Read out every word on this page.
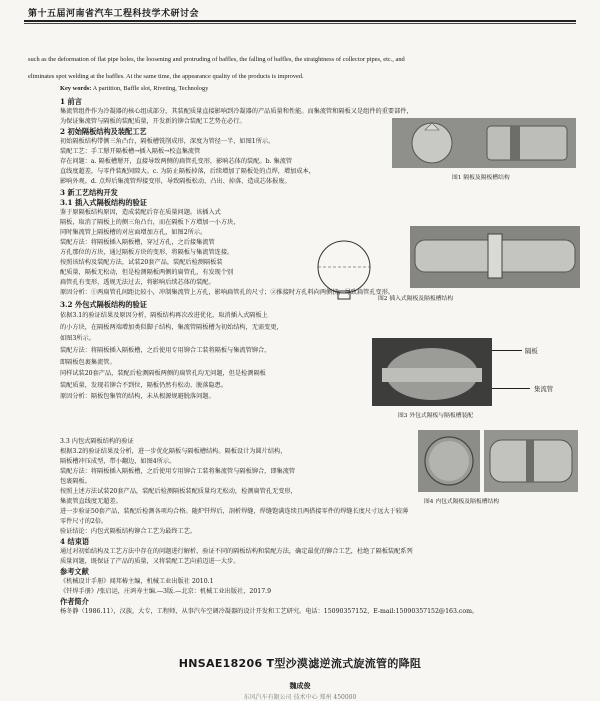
第十五届河南省汽车工程科技学术研讨会
such as the deformation of flat pipe holes, the loosening and protruding of baffles, the falling of baffles, the straightness of collector pipes, etc., and
eliminates spot welding at the baffles. At the same time, the appearance quality of the products is improved.
Key words: A partition, Baffle slot, Riveting, Technology
1 前言
集流管组件作为冷凝器的核心组成部分，其装配质量直接影响到冷凝器的产品质量和性能。而集流管和隔板又是组件的重要部件，
为保证集流管与隔板的装配质量，开发新的铆合装配工艺势在必行。
2 初始隔板结构及装配工艺
初始隔板结构带侧三角凸台，隔板槽铣削成形，深度为管径一半，如图1所示。
装配工艺：手工掰开隔板槽→插入隔板→校直集流管
存在问题：a. 隔板槽掰开，直接导致两侧的扁管孔变形，影响芯体的装配。b. 集流管
直线度超差，与零件装配间隙大。c. 为防止隔板掉落，后续增加了隔板处的点焊，增加成本，
影响外观。d. 点焊后集流管焊接变形，导致隔板松动、凸出、掉落，造成芯体报废。
3 新工艺结构开发
3.1 插入式隔板结构的验证
鉴于原隔板结构原因，造成装配后存在质量问题。该插入式
隔板，取消了隔板上的侧三角凸台，而在隔板下方增加一小方块，
同时集流管上隔板槽的对应面增加方孔，如图2所示。
装配方法：将隔板插入隔板槽，穿过方孔，之后接集流管
方孔那位的方块，通过隔板方块的变形，将隔板与集流管连接。
按照该结构及装配方法，试装20套产品，装配后检测隔板装
配质量，隔板无松动，但是检测隔板两侧的扁管孔，有发现个别
扁管孔有变形，透规无法过去，将影响后续芯体的装配。
原因分析：①两扁管孔间距比较小，冲制集流管上方孔，影响扁管孔的尺寸；②推接时方孔料向两侧挤，导致扁管孔变形。
3.2 外包式隔板结构的验证
依据3.1的验证结果及原因分析，隔板结构再次改进优化，取消插入式隔板上
的小方块，在隔板两端增加类似脚子结构，集流管隔板槽为初始结构，无需变更，
如图3所示。
装配方法：将隔板插入隔板槽，之后使用专用铆合工装将隔板与集流管铆合，
即隔板包裹集流管。
同样试装20套产品，装配后检测隔板两侧的扁管孔均无问题，但是检测隔板
装配质量，发现若铆合不到位，隔板仍然有松动、脱落隐患。
原因分析：隔板包集管的结构，未从根源规避脱落问题。
3.3 内包式隔板结构的验证
根据3.2的验证结果及分析，进一步优化隔板与隔板槽结构。隔板设计为圆片结构，
隔板槽冲压成型，带小翻边，如图4所示。
装配方法：将隔板插入隔板槽，之后使用专用铆合工装将集流管与隔板铆合，即集流管
包裹隔板。
按照上述方法试装20套产品，装配后检测隔板装配质量均无松动，检测扁管孔无变形，
集流管直线度无超差。
进一步验证50套产品，装配后检测各项均合格。随炉钎焊后，剖析焊缝，焊缝饱满连续且两搭接零件的焊缝长度尺寸远大于较薄
零件尺寸的2倍。
验证结论：内包式隔板结构铆合工艺为最终工艺。
4 结束语
通过对初始结构及工艺方法中存在的问题进行解析，验证不同的隔板结构和装配方法，确定最优的铆合工艺，杜绝了隔板装配系列
质量问题，既保证了产品的质量，又将装配工艺向前迈进一大步。
参考文献
《机械设计手册》闻邦椿主编，机械工业出版社 2010.1
《钎焊手册》/张启运，庄鸿寿主编.—3版.—北京：机械工业出版社，2017.9
作者简介
杨冬静（1986.11），汉族，大专，工程师，从事汽车空调冷凝器的设计开发和工艺研究。电话：15090357152，E-mail:15090357152@163.com。
图1 隔板及隔板槽结构
图2 插入式隔板及隔板槽结构
隔板
集流管
图3 外包式隔板与隔板槽装配
图4 内包式隔板及隔板槽结构
HNSAE18206 T型沙漠滤逆流式旋流管的降阻
魏成俊
东风汽车有限公司 技术中心 郑州 450000
